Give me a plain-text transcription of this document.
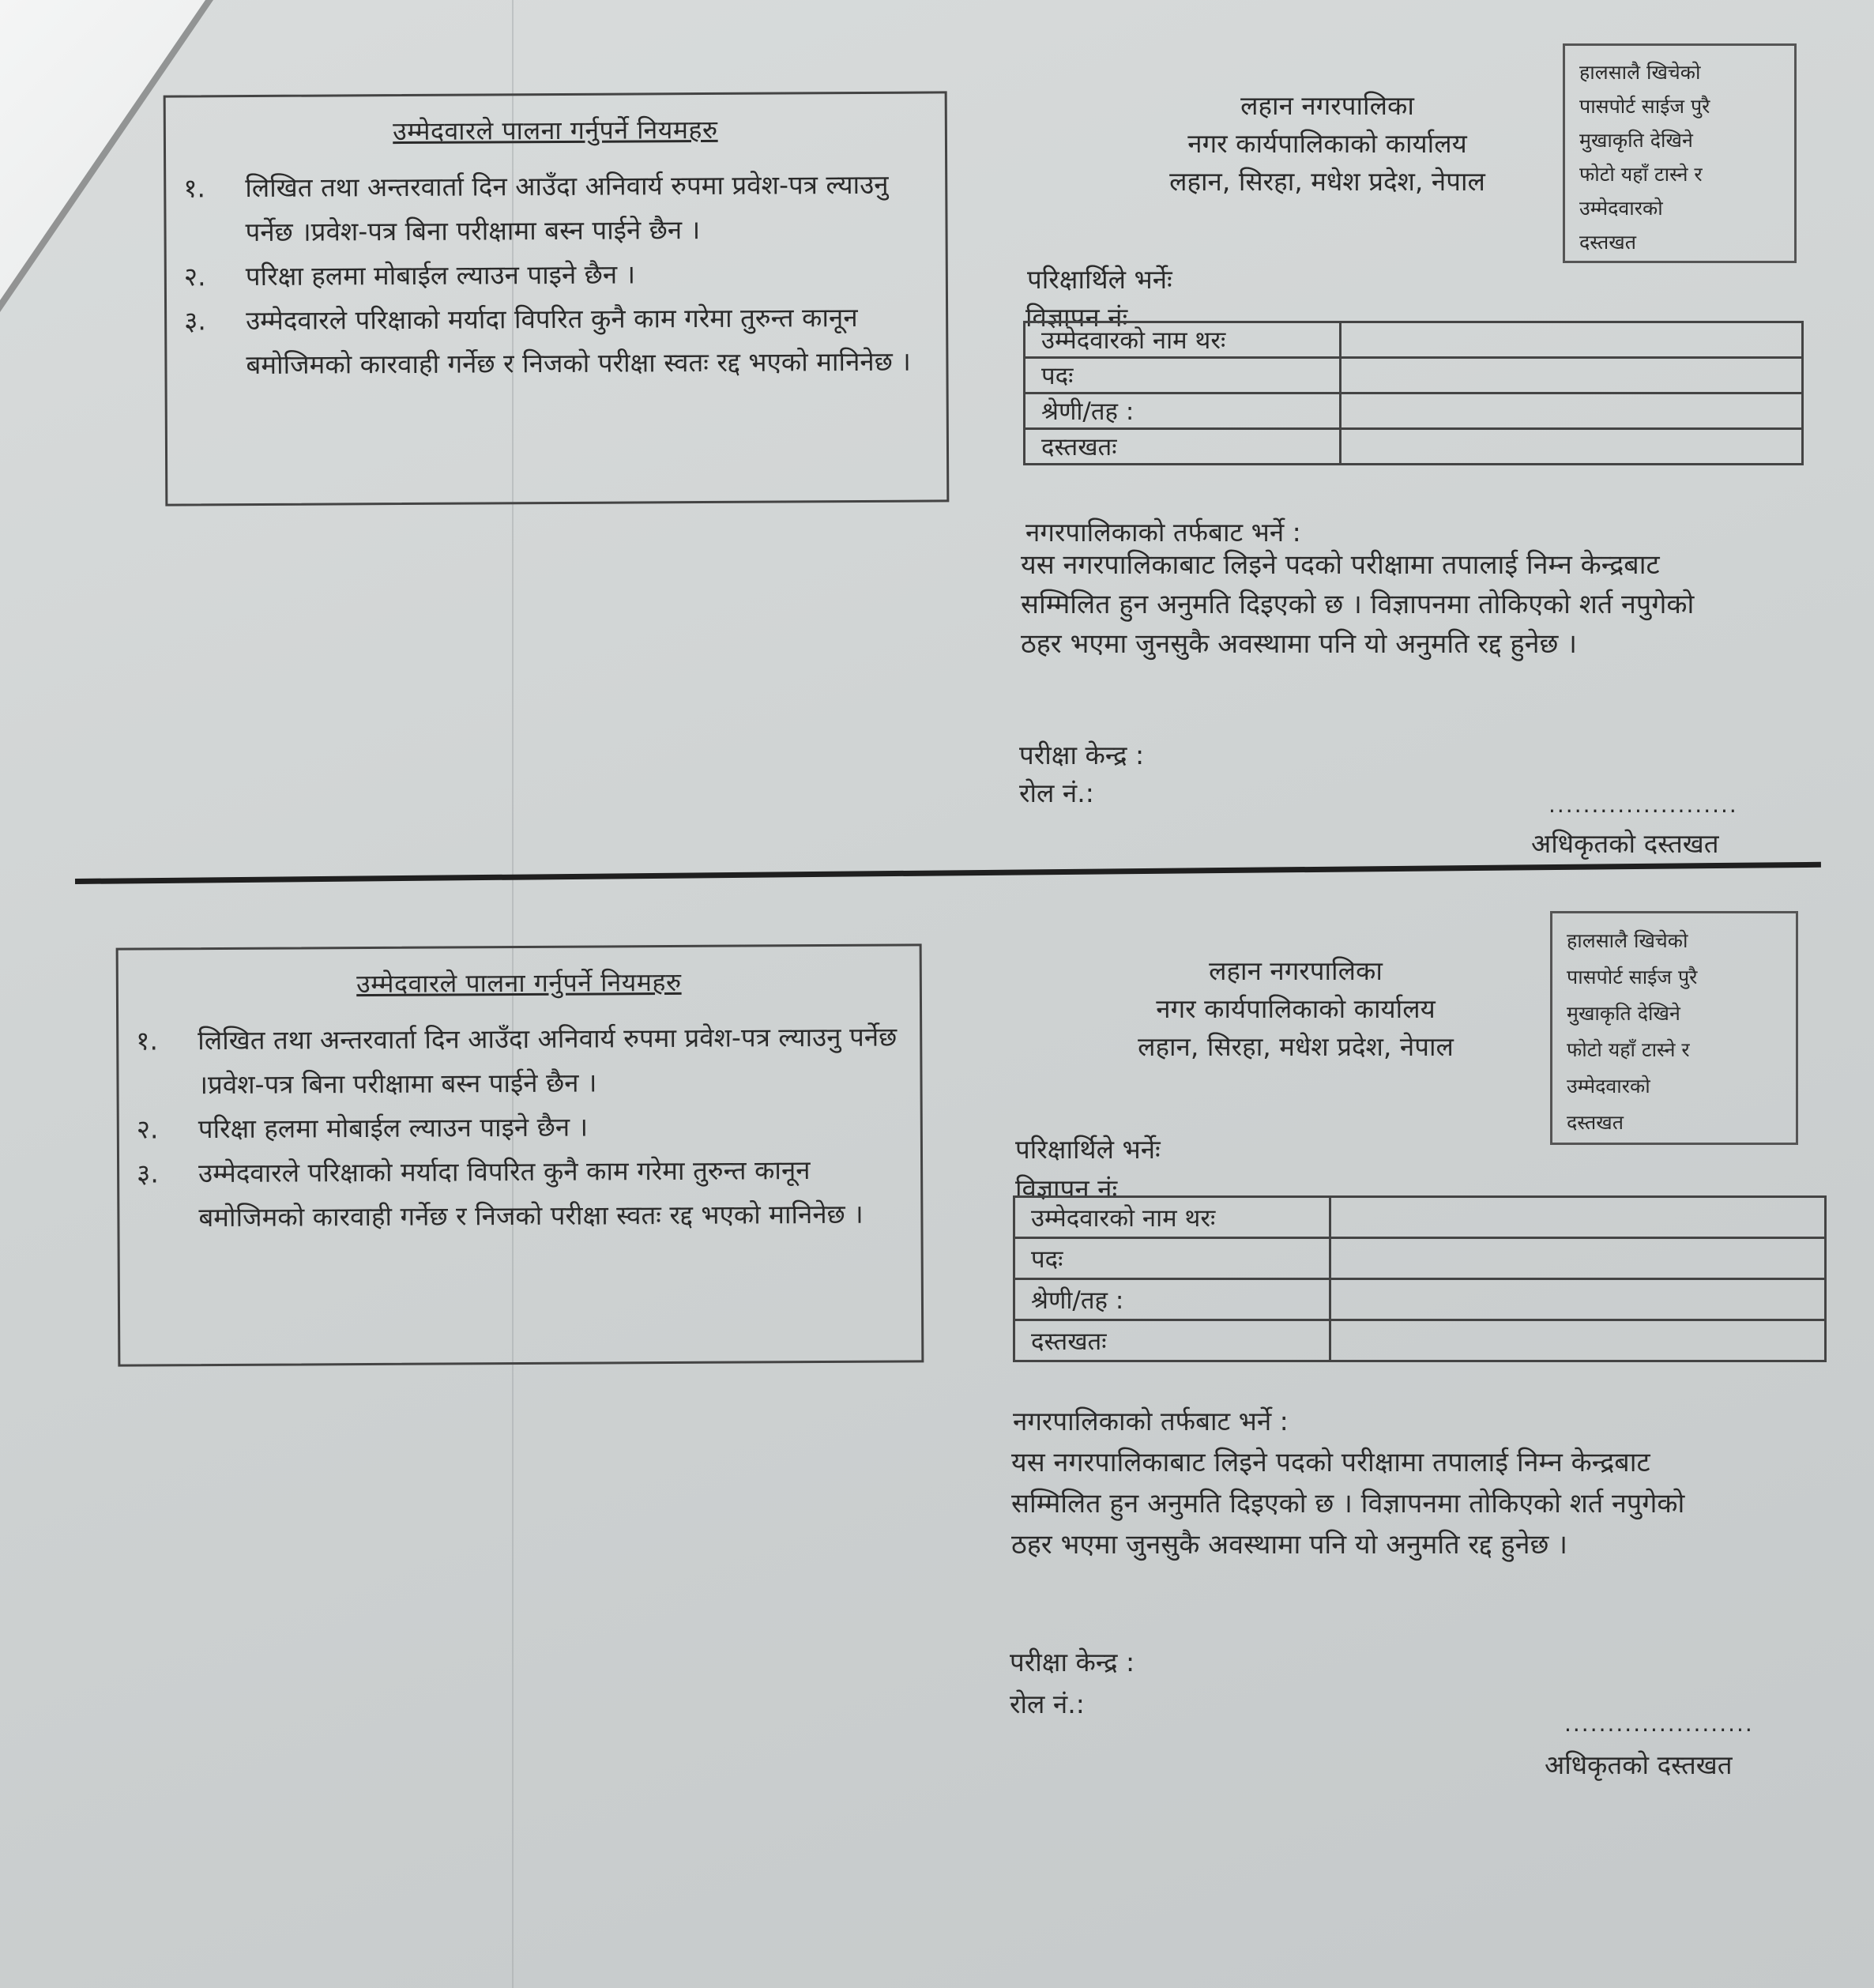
उम्मेदवारले पालना गर्नुपर्ने नियमहरु
१.	लिखित तथा अन्तरवार्ता दिन आउँदा अनिवार्य रुपमा प्रवेश-पत्र ल्याउनु पर्नेछ ।प्रवेश-पत्र बिना परीक्षामा बस्न पाईने छैन ।
२.	परिक्षा हलमा मोबाईल ल्याउन पाइने छैन ।
३.	उम्मेदवारले परिक्षाको मर्यादा विपरित कुनै काम गरेमा तुरुन्त कानून बमोजिमको कारवाही गर्नेछ र निजको परीक्षा स्वतः रद्द भएको मानिनेछ ।
लहान नगरपालिका
नगर कार्यपालिकाको कार्यालय
लहान, सिरहा, मधेश प्रदेश, नेपाल
हालसालै खिचेको
पासपोर्ट साईज पुरै
मुखाकृति देखिने
फोटो यहाँ टास्ने र
उम्मेदवारको
दस्तखत
परिक्षार्थिले भर्नेः
विज्ञापन नंः
उम्मेदवारको नाम थरः	
पदः	
श्रेणी/तह :	
दस्तखतः	
नगरपालिकाको तर्फबाट भर्ने :
यस नगरपालिकाबाट लिइने पदको परीक्षामा तपालाई निम्न केन्द्रबाट सम्मिलित हुन अनुमति दिइएको छ । विज्ञापनमा तोकिएको शर्त नपुगेको ठहर भएमा जुनसुकै अवस्थामा पनि यो अनुमति रद्द हुनेछ ।
परीक्षा केन्द्र :
रोल नं.:	......................
अधिकृतको दस्तखत
उम्मेदवारले पालना गर्नुपर्ने नियमहरु
१.	लिखित तथा अन्तरवार्ता दिन आउँदा अनिवार्य रुपमा प्रवेश-पत्र ल्याउनु पर्नेछ ।प्रवेश-पत्र बिना परीक्षामा बस्न पाईने छैन ।
२.	परिक्षा हलमा मोबाईल ल्याउन पाइने छैन ।
३.	उम्मेदवारले परिक्षाको मर्यादा विपरित कुनै काम गरेमा तुरुन्त कानून बमोजिमको कारवाही गर्नेछ र निजको परीक्षा स्वतः रद्द भएको मानिनेछ ।
लहान नगरपालिका
नगर कार्यपालिकाको कार्यालय
लहान, सिरहा, मधेश प्रदेश, नेपाल
हालसालै खिचेको
पासपोर्ट साईज पुरै
मुखाकृति देखिने
फोटो यहाँ टास्ने र
उम्मेदवारको
दस्तखत
परिक्षार्थिले भर्नेः
विज्ञापन नंः
उम्मेदवारको नाम थरः	
पदः	
श्रेणी/तह :	
दस्तखतः	
नगरपालिकाको तर्फबाट भर्ने :
यस नगरपालिकाबाट लिइने पदको परीक्षामा तपालाई निम्न केन्द्रबाट सम्मिलित हुन अनुमति दिइएको छ । विज्ञापनमा तोकिएको शर्त नपुगेको ठहर भएमा जुनसुकै अवस्थामा पनि यो अनुमति रद्द हुनेछ ।
परीक्षा केन्द्र :
रोल नं.:
......................
अधिकृतको दस्तखत
